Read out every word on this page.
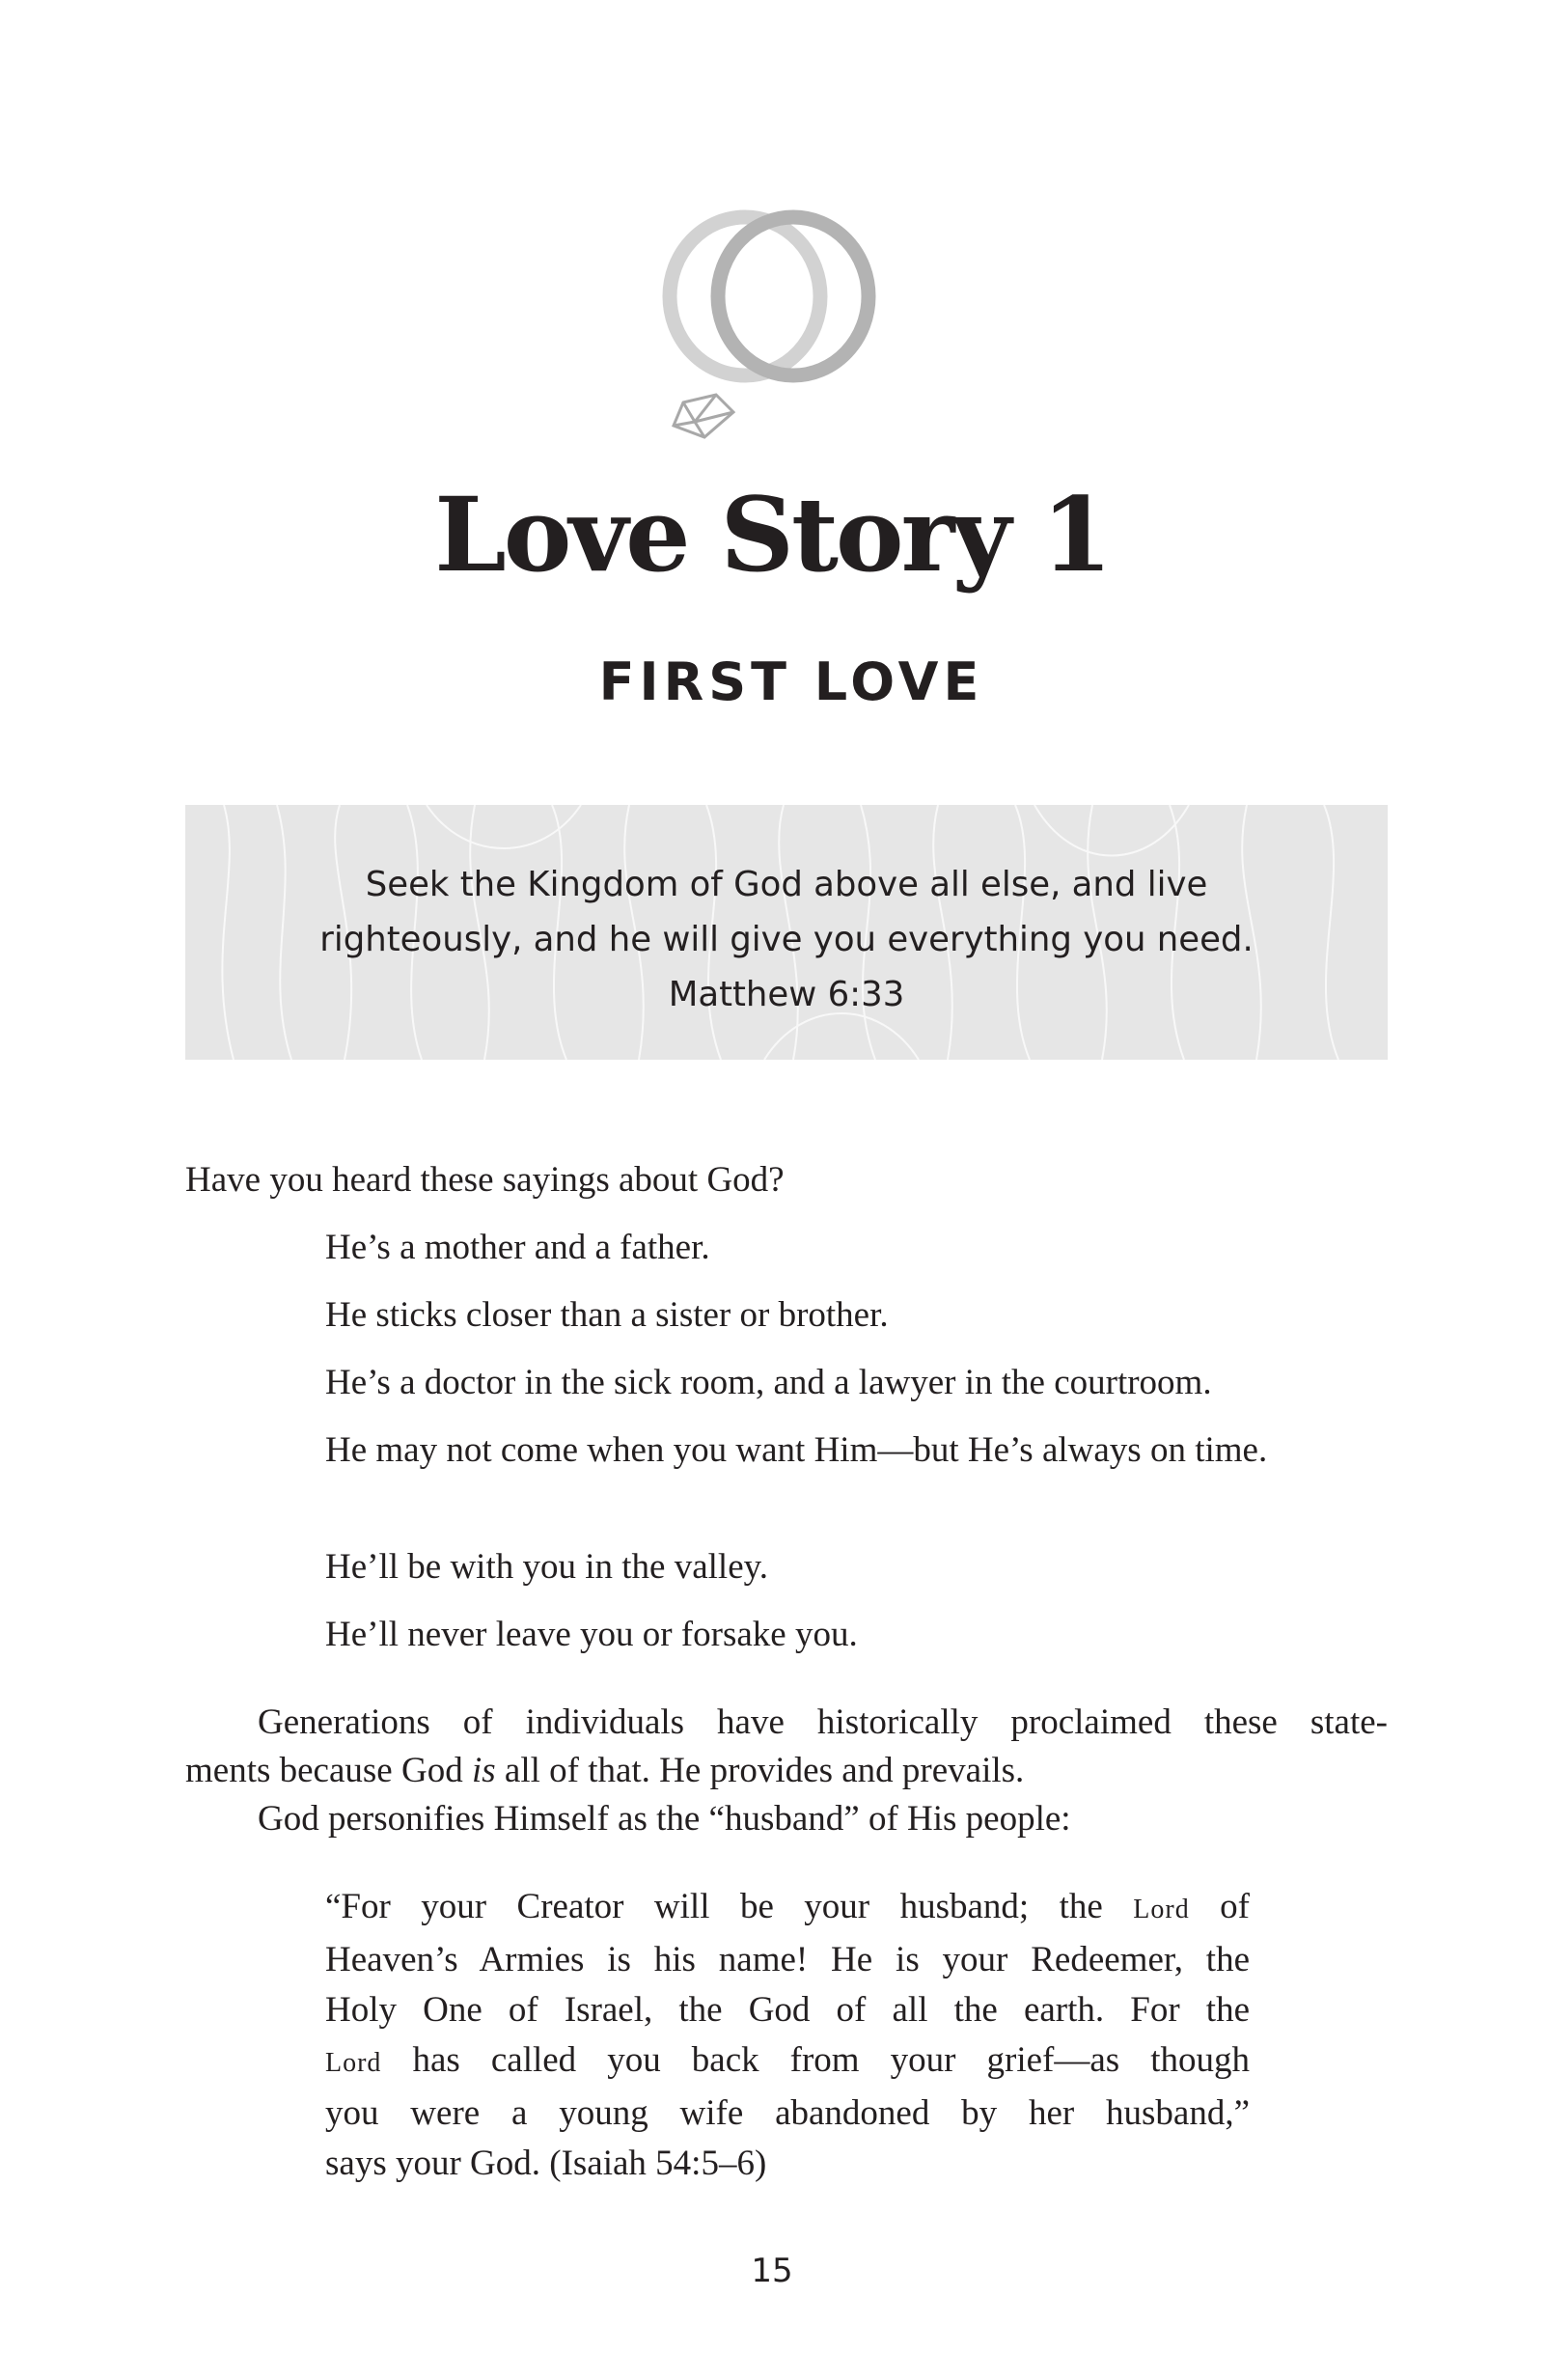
Love Story 1
FIRST LOVE
Seek the Kingdom of God above all else, and live
righteously, and he will give you everything you need.
Matthew 6:33
Have you heard these sayings about God?
He’s a mother and a father.
He sticks closer than a sister or brother.
He’s a doctor in the sick room, and a lawyer in the courtroom.
He may not come when you want Him—but He’s always on time.
He’ll be with you in the valley.
He’ll never leave you or forsake you.
Generations of individuals have historically proclaimed these state-
ments because God is all of that. He provides and prevails.
God personifies Himself as the “husband” of His people:
“For your Creator will be your husband; the Lord of
Heaven’s Armies is his name! He is your Redeemer, the
Holy One of Israel, the God of all the earth. For the
Lord has called you back from your grief—as though
you were a young wife abandoned by her husband,”
says your God. (Isaiah 54:5–6)
15
